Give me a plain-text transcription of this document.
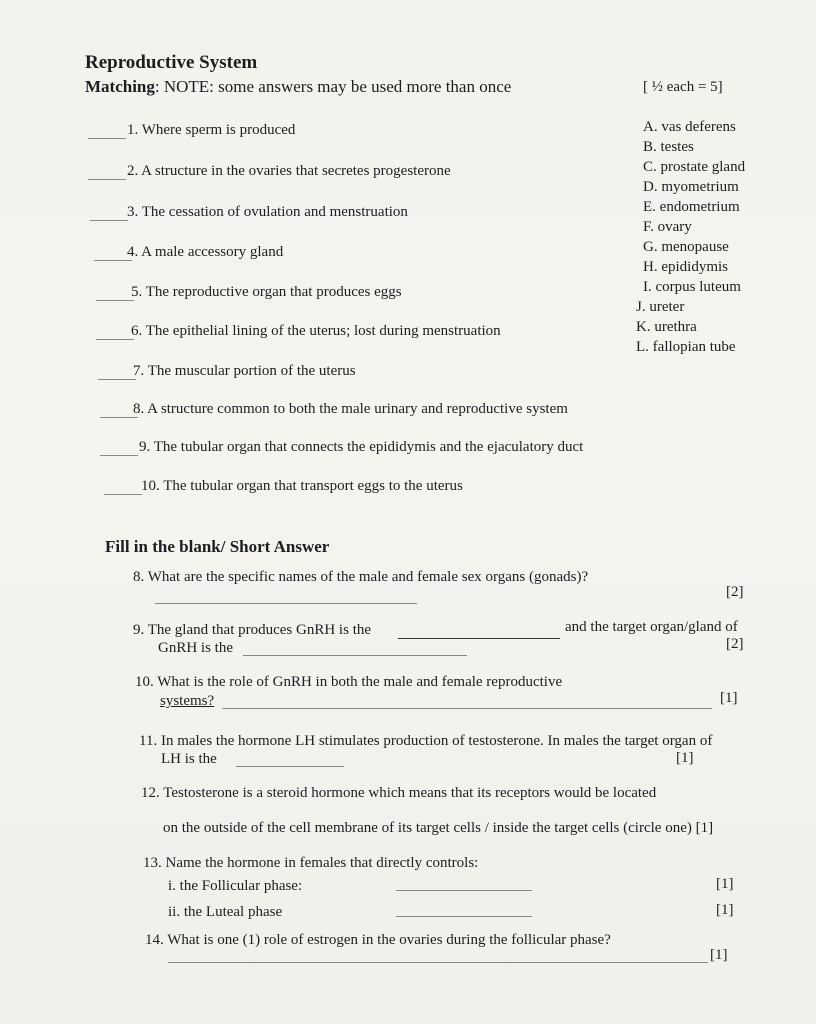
Reproductive System
Matching: NOTE: some answers may be used more than once	[ ½ each = 5]
1. Where sperm is produced
2. A structure in the ovaries that secretes progesterone
3. The cessation of ovulation and menstruation
4. A male accessory gland
5. The reproductive organ that produces eggs
6. The epithelial lining of the uterus; lost during menstruation
7. The muscular portion of the uterus
8. A structure common to both the male urinary and reproductive system
9. The tubular organ that connects the epididymis and the ejaculatory duct
10. The tubular organ that transport eggs to the uterus
A. vas deferens
B. testes
C. prostate gland
D. myometrium
E. endometrium
F. ovary
G. menopause
H. epididymis
I. corpus luteum
J. ureter
K. urethra
L. fallopian tube
Fill in the blank/ Short Answer
8. What are the specific names of the male and female sex organs (gonads)?
[2]
9. The gland that produces GnRH is the	and the target organ/gland of
GnRH is the	[2]
10. What is the role of GnRH in both the male and female reproductive
systems?	[1]
11. In males the hormone LH stimulates production of testosterone. In males the target organ of
LH is the	[1]
12. Testosterone is a steroid hormone which means that its receptors would be located
on the outside of the cell membrane of its target cells / inside the target cells (circle one) [1]
13. Name the hormone in females that directly controls:
i. the Follicular phase:	[1]
ii. the Luteal phase	[1]
14. What is one (1) role of estrogen in the ovaries during the follicular phase?
[1]
